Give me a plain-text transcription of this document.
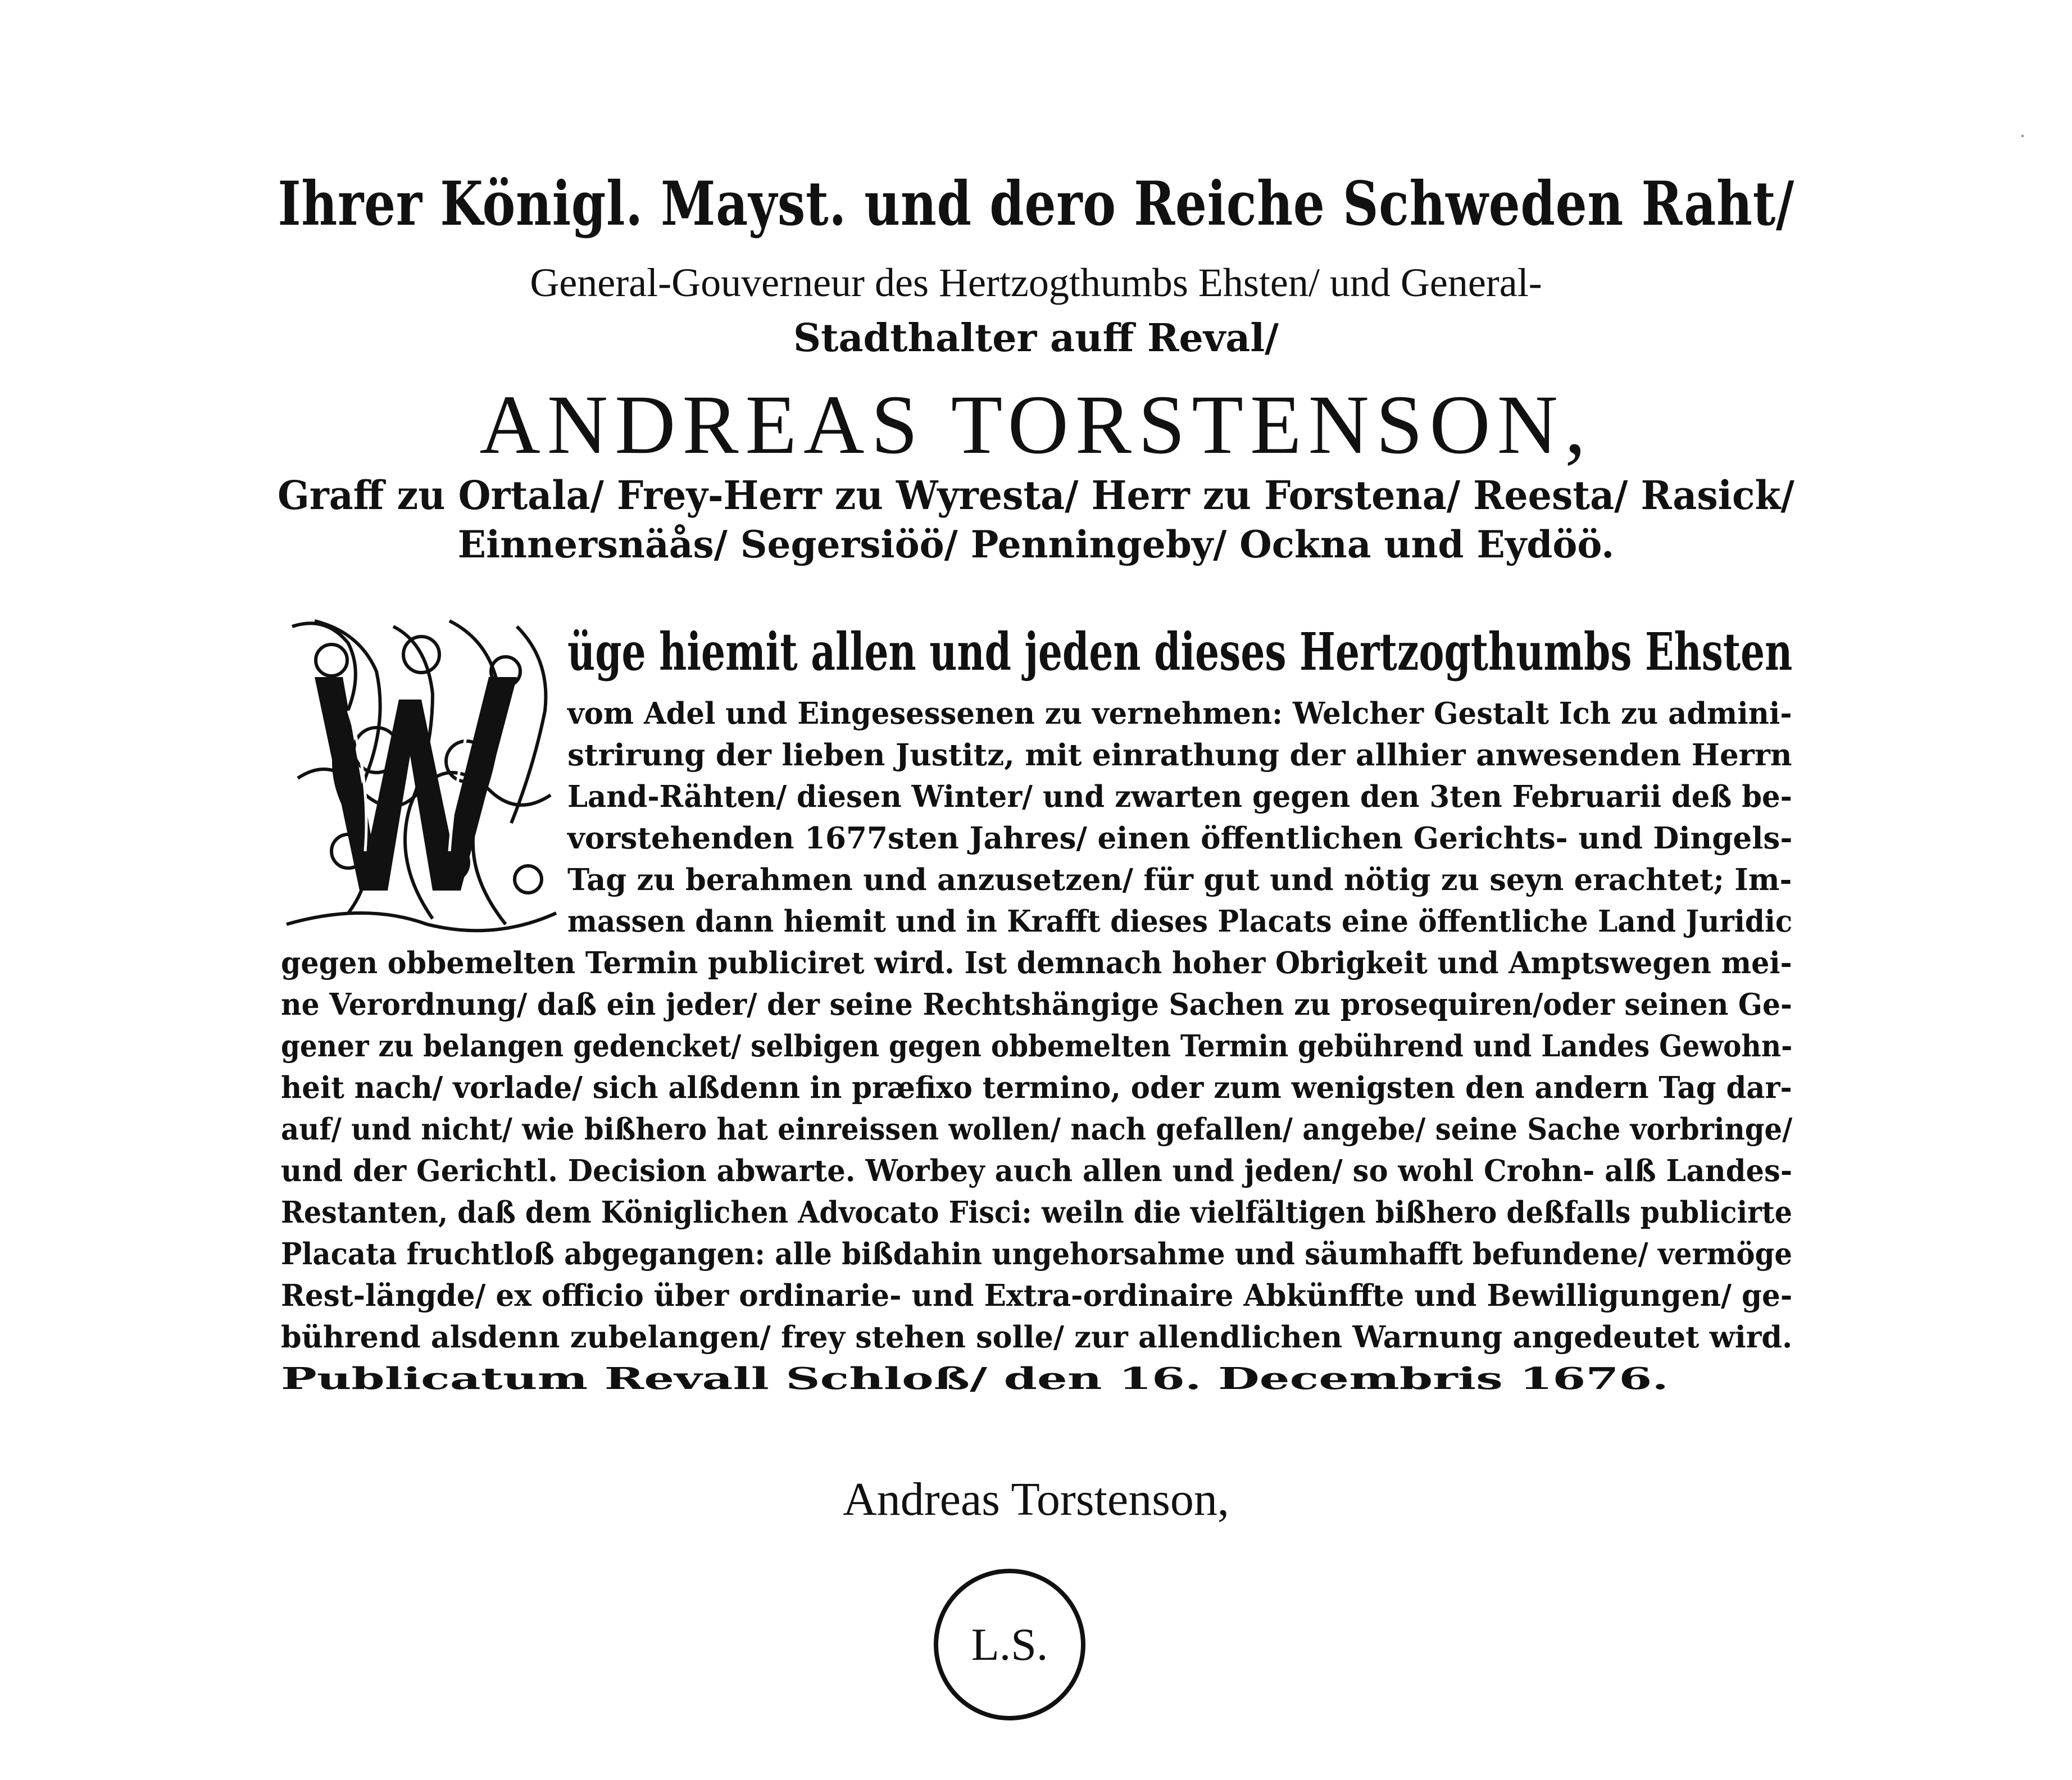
Ihrer Königl. Mayst. und dero Reiche Schweden Raht/
General-Gouverneur des Hertzogthumbs Ehsten/ und General-
Stadthalter auff Reval/
ANDREAS TORSTENSON,
Graff zu Ortala/ Frey-Herr zu Wyresta/ Herr zu Forstena/ Reesta/ Rasick/
Einnersnäås/ Segersiöö/ Penningeby/ Ockna und Eydöö.
üge hiemit allen und jeden dieses Hertzogthumbs Ehsten
vom Adel und Eingesessenen zu vernehmen: Welcher Gestalt Ich zu admini-
strirung der lieben Justitz, mit einrathung der allhier anwesenden Herrn
Land-Rähten/ diesen Winter/ und zwarten gegen den 3ten Februarii deß be-
vorstehenden 1677sten Jahres/ einen öffentlichen Gerichts- und Dingels-
Tag zu berahmen und anzusetzen/ für gut und nötig zu seyn erachtet; Im-
massen dann hiemit und in Krafft dieses Placats eine öffentliche Land Juridic
gegen obbemelten Termin publiciret wird. Ist demnach hoher Obrigkeit und Amptswegen mei-
ne Verordnung/ daß ein jeder/ der seine Rechtshängige Sachen zu prosequiren/oder seinen Ge-
gener zu belangen gedencket/ selbigen gegen obbemelten Termin gebührend und Landes Gewohn-
heit nach/ vorlade/ sich alßdenn in præfixo termino, oder zum wenigsten den andern Tag dar-
auf/ und nicht/ wie bißhero hat einreissen wollen/ nach gefallen/ angebe/ seine Sache vorbringe/
und der Gerichtl. Decision abwarte. Worbey auch allen und jeden/ so wohl Crohn- alß Landes-
Restanten, daß dem Königlichen Advocato Fisci: weiln die vielfältigen bißhero deßfalls publicirte
Placata fruchtloß abgegangen: alle bißdahin ungehorsahme und säumhafft befundene/ vermöge
Rest-längde/ ex officio über ordinarie- und Extra-ordinaire Abkünffte und Bewilligungen/ ge-
bührend alsdenn zubelangen/ frey stehen solle/ zur allendlichen Warnung angedeutet wird.
Publicatum Revall Schloß/ den 16. Decembris 1676.
Andreas Torstenson,
L.S.
